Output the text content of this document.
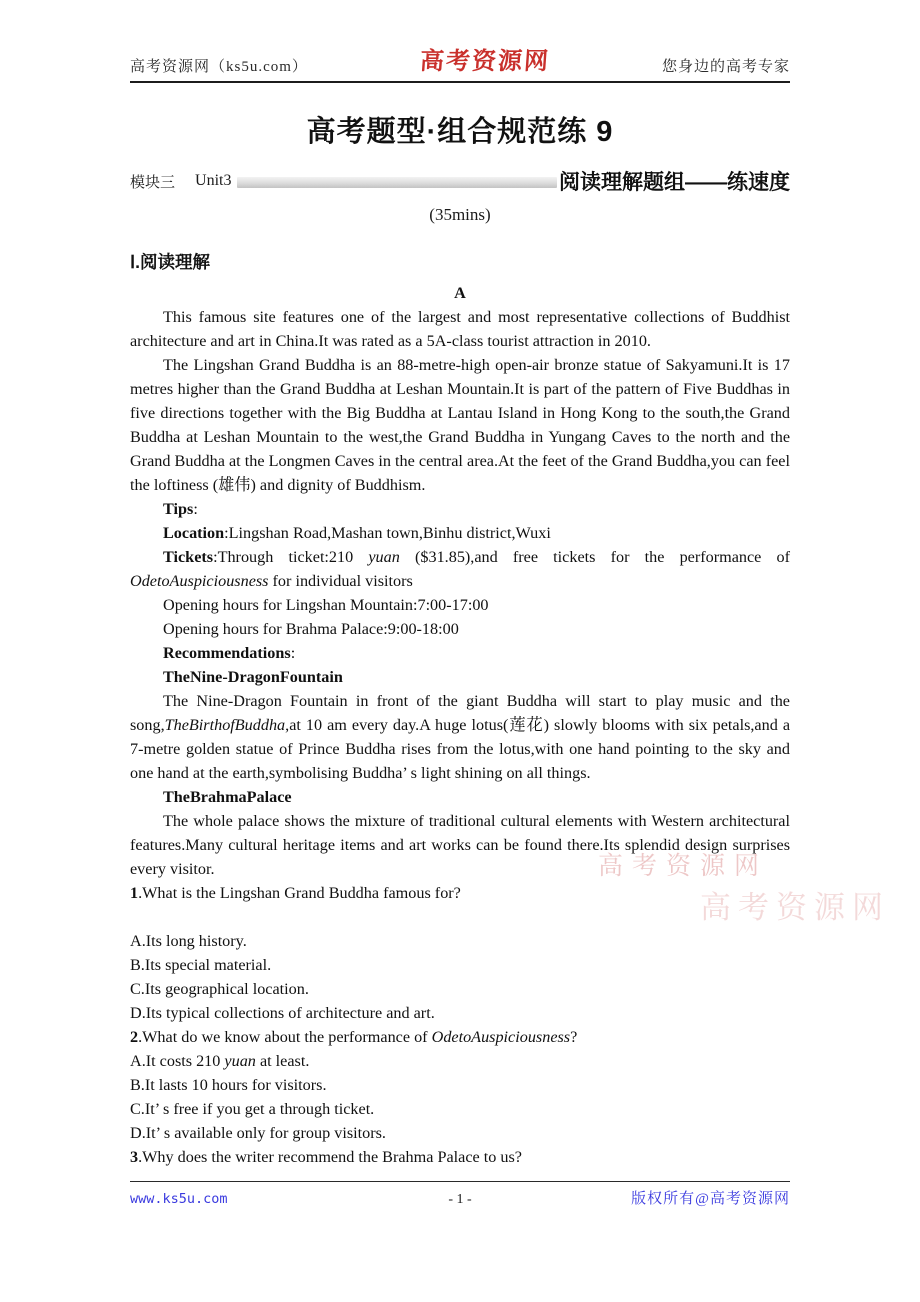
高考资源网（ks5u.com）	高考资源网	您身边的高考专家
高考题型·组合规范练 9
模块三 Unit3	阅读理解题组——练速度
(35mins)
Ⅰ.阅读理解
A
This famous site features one of the largest and most representative collections of Buddhist architecture and art in China.It was rated as a 5A-class tourist attraction in 2010.
The Lingshan Grand Buddha is an 88-metre-high open-air bronze statue of Sakyamuni.It is 17 metres higher than the Grand Buddha at Leshan Mountain.It is part of the pattern of Five Buddhas in five directions together with the Big Buddha at Lantau Island in Hong Kong to the south,the Grand Buddha at Leshan Mountain to the west,the Grand Buddha in Yungang Caves to the north and the Grand Buddha at the Longmen Caves in the central area.At the feet of the Grand Buddha,you can feel the loftiness (雄伟) and dignity of Buddhism.
Tips:
Location:Lingshan Road,Mashan town,Binhu district,Wuxi
Tickets:Through ticket:210 yuan ($31.85),and free tickets for the performance of OdetoAuspiciousness for individual visitors
Opening hours for Lingshan Mountain:7:00-17:00
Opening hours for Brahma Palace:9:00-18:00
Recommendations:
TheNine-DragonFountain
The Nine-Dragon Fountain in front of the giant Buddha will start to play music and the song,TheBirthofBuddha,at 10 am every day.A huge lotus(莲花) slowly blooms with six petals,and a 7-metre golden statue of Prince Buddha rises from the lotus,with one hand pointing to the sky and one hand at the earth,symbolising Buddha’ s light shining on all things.
TheBrahmaPalace
The whole palace shows the mixture of traditional cultural elements with Western architectural features.Many cultural heritage items and art works can be found there.Its splendid design surprises every visitor.
1.What is the Lingshan Grand Buddha famous for?
A.Its long history.
B.Its special material.
C.Its geographical location.
D.Its typical collections of architecture and art.
2.What do we know about the performance of OdetoAuspiciousness?
A.It costs 210 yuan at least.
B.It lasts 10 hours for visitors.
C.It’ s free if you get a through ticket.
D.It’ s available only for group visitors.
3.Why does the writer recommend the Brahma Palace to us?
高考资源网
高考资源网
www.ks5u.com	- 1 -	版权所有@高考资源网
